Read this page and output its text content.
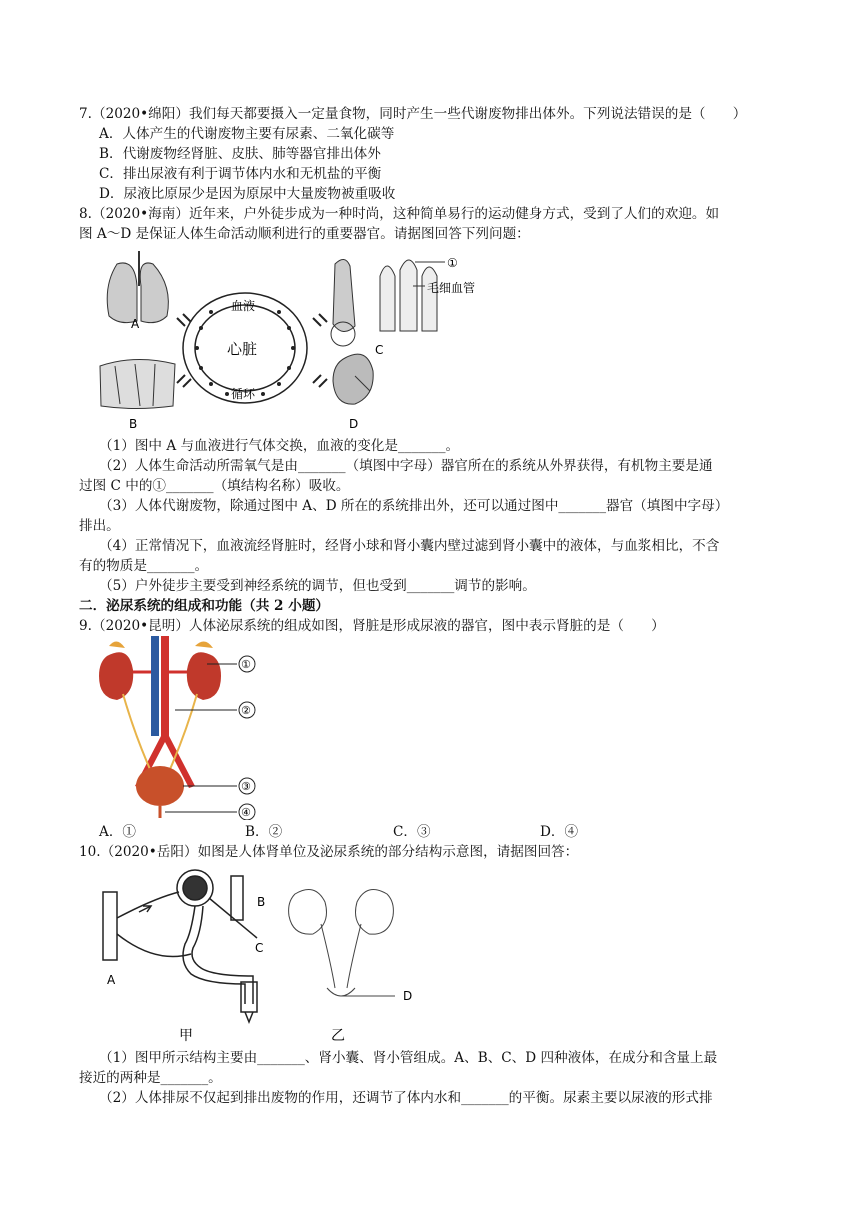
7.（2020•绵阳）我们每天都要摄入一定量食物，同时产生一些代谢废物排出体外。下列说法错误的是（　　）
A．人体产生的代谢废物主要有尿素、二氧化碳等
B．代谢废物经肾脏、皮肤、肺等器官排出体外
C．排出尿液有利于调节体内水和无机盐的平衡
D．尿液比原尿少是因为原尿中大量废物被重吸收
8.（2020•海南）近年来，户外徒步成为一种时尚，这种简单易行的运动健身方式，受到了人们的欢迎。如
图 A～D 是保证人体生命活动顺利进行的重要器官。请据图回答下列问题：
A
B
血液
心脏
循环
①
毛细血管
C
D
（1）图中 A 与血液进行气体交换，血液的变化是_______。
（2）人体生命活动所需氧气是由_______（填图中字母）器官所在的系统从外界获得，有机物主要是通
过图 C 中的①_______（填结构名称）吸收。
（3）人体代谢废物，除通过图中 A、D 所在的系统排出外，还可以通过图中_______器官（填图中字母）
排出。
（4）正常情况下，血液流经肾脏时，经肾小球和肾小囊内壁过滤到肾小囊中的液体，与血浆相比，不含
有的物质是_______。
（5）户外徒步主要受到神经系统的调节，但也受到_______调节的影响。
二．泌尿系统的组成和功能（共 2 小题）
9.（2020•昆明）人体泌尿系统的组成如图，肾脏是形成尿液的器官，图中表示肾脏的是（　　）
①
②
③
④
A．①	B．②	C．③	D．④
10.（2020•岳阳）如图是人体肾单位及泌尿系统的部分结构示意图，请据图回答：
A
B
C
甲
D
乙
（1）图甲所示结构主要由_______、肾小囊、肾小管组成。A、B、C、D 四种液体，在成分和含量上最
接近的两种是_______。
（2）人体排尿不仅起到排出废物的作用，还调节了体内水和_______的平衡。尿素主要以尿液的形式排
